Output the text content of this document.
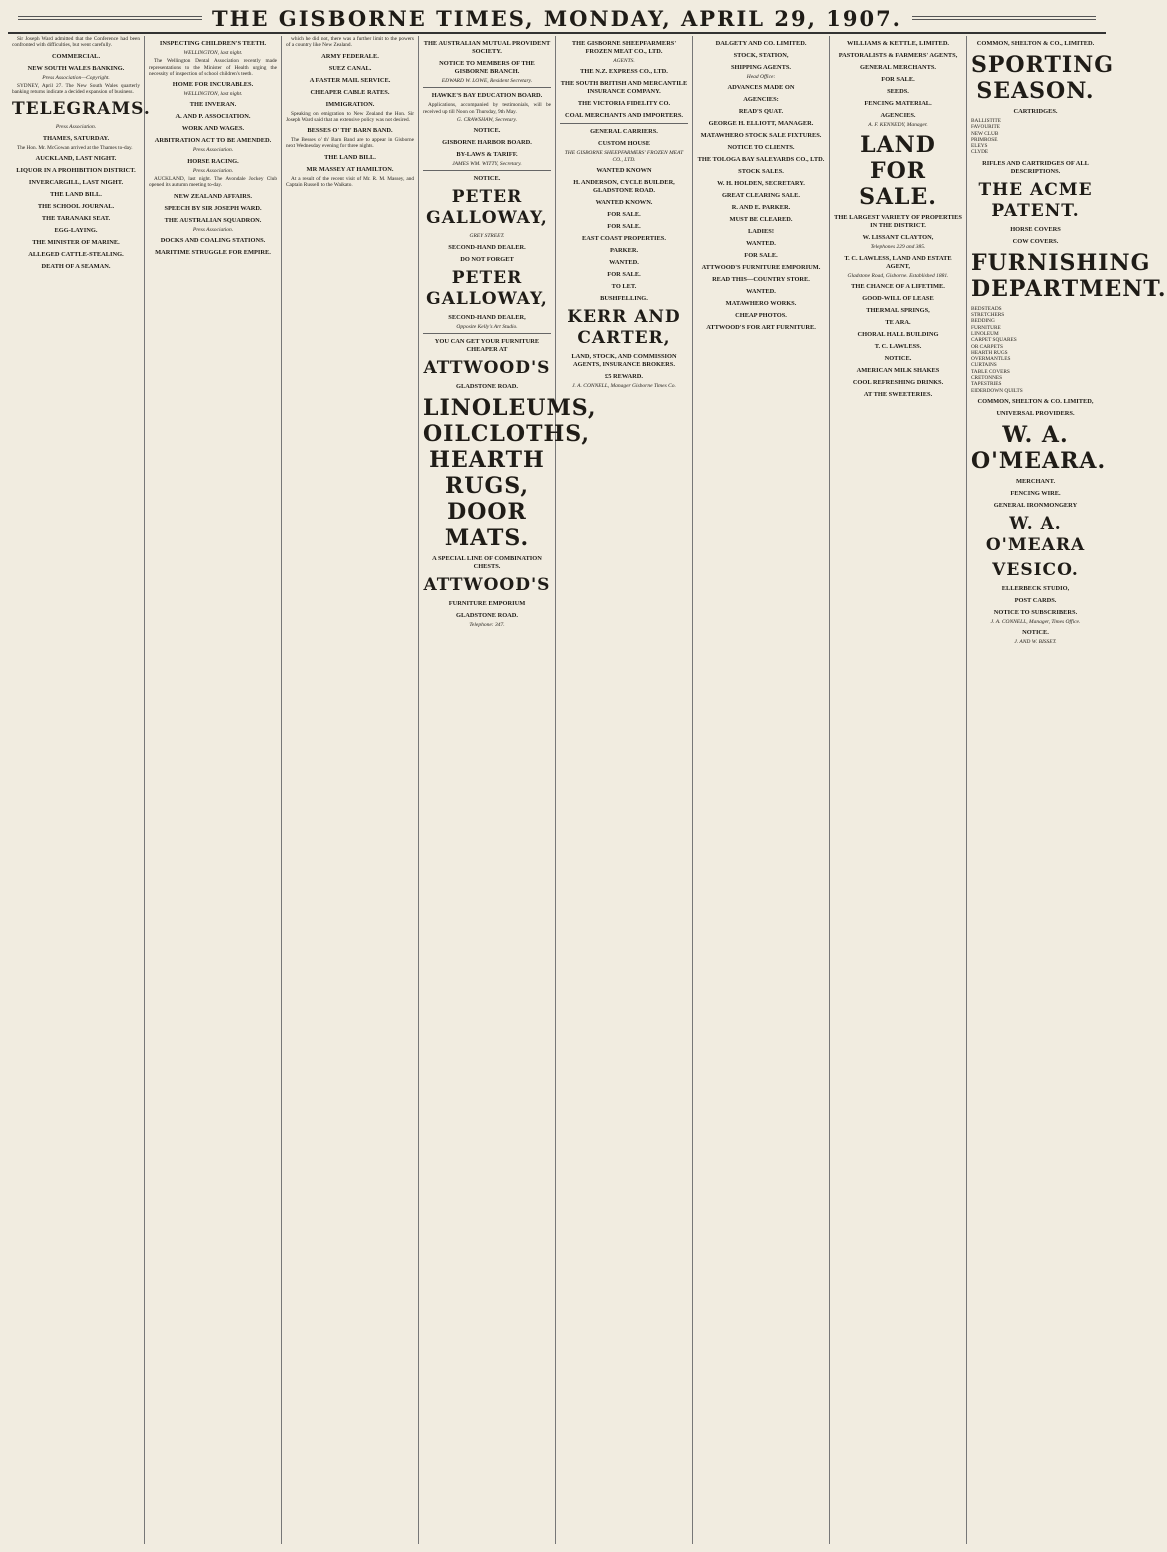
THE GISBORNE TIMES, MONDAY, APRIL 29, 1907.

Sir Joseph Ward admitted that the Conference had been confronted with difficulties, but went carefully.

COMMERCIAL.
NEW SOUTH WALES BANKING.
Press Association—Copyright.

SYDNEY, April 27. The New South Wales quarterly banking returns indicate a decided expansion of business.

TELEGRAMS.
Press Association.
THAMES, SATURDAY.

The Hon. Mr. McGowan arrived at the Thames to-day.

AUCKLAND, LAST NIGHT.
LIQUOR IN A PROHIBITION DISTRICT.
INVERCARGILL, LAST NIGHT.
THE LAND BILL.
THE SCHOOL JOURNAL.
THE TARANAKI SEAT.
EGG-LAYING.
THE MINISTER OF MARINE.
ALLEGED CATTLE-STEALING.
DEATH OF A SEAMAN.
INSPECTING CHILDREN'S TEETH.
WELLINGTON, last night.

The Wellington Dental Association recently made representations to the Minister of Health urging the necessity of inspection of school children's teeth.

HOME FOR INCURABLES.
WELLINGTON, last night.
THE INVERAN.
A. AND P. ASSOCIATION.
WORK AND WAGES.
ARBITRATION ACT TO BE AMENDED.
Press Association.
HORSE RACING.
Press Association.

AUCKLAND, last night. The Avondale Jockey Club opened its autumn meeting to-day.

NEW ZEALAND AFFAIRS.
SPEECH BY SIR JOSEPH WARD.
THE AUSTRALIAN SQUADRON.
Press Association.
DOCKS AND COALING STATIONS.
MARITIME STRUGGLE FOR EMPIRE.

which he did not, there was a further limit to the powers of a country like New Zealand.

ARMY FEDERALE.
SUEZ CANAL.
A FASTER MAIL SERVICE.
CHEAPER CABLE RATES.
IMMIGRATION.

Speaking on emigration to New Zealand the Hon. Sir Joseph Ward said that an extensive policy was not desired.

BESSES O' TH' BARN BAND.

The Besses o' th' Barn Band are to appear in Gisborne next Wednesday evening for three nights.

THE LAND BILL.
MR MASSEY AT HAMILTON.

At a result of the recent visit of Mr. R. M. Massey, and Captain Russell to the Waikato.

THE AUSTRALIAN MUTUAL PROVIDENT SOCIETY.
NOTICE TO MEMBERS OF THE GISBORNE BRANCH.
EDWARD W. LOWE, Resident Secretary.
HAWKE'S BAY EDUCATION BOARD.

Applications, accompanied by testimonials, will be received up till Noon on Thursday, 9th May.

G. CRAWSHAW, Secretary.
NOTICE.
GISBORNE HARBOR BOARD.
BY-LAWS & TARIFF.
JAMES WM. WITTY, Secretary.
NOTICE.
PETER GALLOWAY,
GREY STREET.
SECOND-HAND DEALER.
DO NOT FORGET
PETER GALLOWAY,
SECOND-HAND DEALER,
Opposite Kelly's Art Studio.
YOU CAN GET YOUR FURNITURE CHEAPER AT
ATTWOOD'S
GLADSTONE ROAD.
LINOLEUMS, OILCLOTHS, HEARTH RUGS, DOOR MATS.
A SPECIAL LINE OF COMBINATION CHESTS.
ATTWOOD'S
FURNITURE EMPORIUM
GLADSTONE ROAD.
Telephone: 347.
THE GISBORNE SHEEPFARMERS' FROZEN MEAT CO., LTD.
AGENTS.
THE N.Z. EXPRESS CO., LTD.
THE SOUTH BRITISH AND MERCANTILE INSURANCE COMPANY.
THE VICTORIA FIDELITY CO.
COAL MERCHANTS AND IMPORTERS.
GENERAL CARRIERS.
CUSTOM HOUSE
THE GISBORNE SHEEPFARMERS' FROZEN MEAT CO., LTD.
WANTED KNOWN
H. ANDERSON, CYCLE BUILDER, GLADSTONE ROAD.
WANTED KNOWN.
FOR SALE.
FOR SALE.
EAST COAST PROPERTIES.
PARKER.
WANTED.
FOR SALE.
TO LET.
BUSHFELLING.
KERR AND CARTER,
LAND, STOCK, AND COMMISSION AGENTS, INSURANCE BROKERS.
£5 REWARD.
J. A. CONNELL, Manager Gisborne Times Co.
DALGETY AND CO. LIMITED.
STOCK, STATION,
SHIPPING AGENTS.
Head Office:
ADVANCES MADE ON
AGENCIES:
READ'S QUAT.
GEORGE H. ELLIOTT, MANAGER.
MATAWHERO STOCK SALE FIXTURES.
NOTICE TO CLIENTS.
THE TOLOGA BAY SALEYARDS CO., LTD.
STOCK SALES.
W. H. HOLDEN, SECRETARY.
GREAT CLEARING SALE.
R. AND E. PARKER.
MUST BE CLEARED.
LADIES!
WANTED.
FOR SALE.
ATTWOOD'S FURNITURE EMPORIUM.
READ THIS—COUNTRY STORE.
WANTED.
MATAWHERO WORKS.
CHEAP PHOTOS.
ATTWOOD'S FOR ART FURNITURE.
WILLIAMS & KETTLE, LIMITED.
PASTORALISTS & FARMERS' AGENTS,
GENERAL MERCHANTS.
FOR SALE.
SEEDS.
FENCING MATERIAL.
AGENCIES.
A. F. KENNEDY, Manager.
LAND FOR SALE.
THE LARGEST VARIETY OF PROPERTIES IN THE DISTRICT.
W. LISSANT CLAYTON,
Telephones 229 and 385.
T. C. LAWLESS, LAND AND ESTATE AGENT,
Gladstone Road, Gisborne. Established 1881.
THE CHANCE OF A LIFETIME.
GOOD-WILL OF LEASE
THERMAL SPRINGS,
TE ARA.
CHORAL HALL BUILDING
T. C. LAWLESS.
NOTICE.
AMERICAN MILK SHAKES
COOL REFRESHING DRINKS.
AT THE SWEETERIES.
COMMON, SHELTON & CO., LIMITED.
SPORTING SEASON.
CARTRIDGES.
BALLISTITE
FAVOURITE
NEW CLUB
PRIMROSE
ELEYS
CLYDE
RIFLES AND CARTRIDGES OF ALL DESCRIPTIONS.
THE ACME PATENT.
HORSE COVERS
COW COVERS.
FURNISHING DEPARTMENT.
BEDSTEADS
STRETCHERS
BEDDING
FURNITURE
LINOLEUM
CARPET SQUARES
OR CARPETS
HEARTH RUGS
OVERMANTLES
CURTAINS
TABLE COVERS
CRETONNES
TAPESTRIES
EIDERDOWN QUILTS
COMMON, SHELTON & CO. LIMITED,
UNIVERSAL PROVIDERS.
W. A. O'MEARA.
MERCHANT.
FENCING WIRE.
GENERAL IRONMONGERY
W. A. O'MEARA
VESICO.
ELLERBECK STUDIO,
POST CARDS.
NOTICE TO SUBSCRIBERS.
J. A. CONNELL, Manager, Times Office.
NOTICE.
J. AND W. BISSET.
